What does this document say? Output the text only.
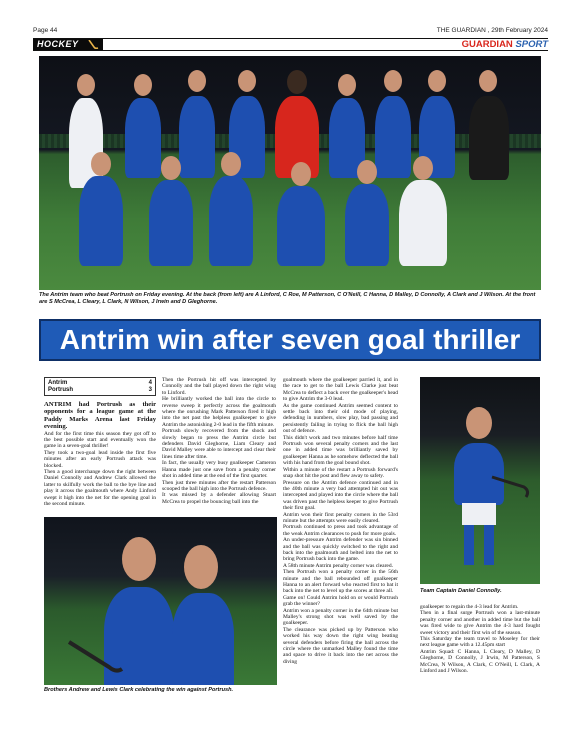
Page 44	THE GUARDIAN , 29th February 2024
HOCKEY	GUARDIAN SPORT
The Antrim team who beat Portrush on Friday evening. At the back (from left) are A Linford, C Roe, M Patterson, C O'Neill, C Hanna, D Malley, D Connolly, A Clark and J Wilson. At the front are S McCrea, L Cleary, L Clark, N Wilson, J Irwin and D Gleghorne.
Antrim win after seven goal thriller
Antrim	4
Portrush	3

ANTRIM had Portrush as their opponents for a league game at the Paddy Marks Arena last Friday evening.

And for the first time this season they got off to the best possible start and eventually won the game in a seven-goal thriller!

They took a two-goal lead inside the first five minutes after an early Portrush attack was blocked.

Then a good interchange down the right between Daniel Connolly and Andrew Clark allowed the latter to skilfully work the ball to the bye line and play it across the goalmouth where Andy Linford swept it high into the net for the opening goal in the second minute.

Then the Portrush hit off was intercepted by Connolly and the ball played down the right wing to Linford.

He brilliantly worked the ball into the circle to reverse sweep it perfectly across the goalmouth where the onrushing Mark Patterson fired it high into the net past the helpless goalkeeper to give Antrim the astonishing 2-0 lead in the fifth minute.

Portrush slowly recovered from the shock and slowly began to press the Antrim circle but defenders David Gleghorne, Liam Cleary and David Malley were able to intercept and clear their lines time after time.

In fact, the usually very busy goalkeeper Cameron Hanna made just one save from a penalty corner shot in added time at the end of the first quarter.

Then just three minutes after the restart Patterson scooped the ball high into the Portrush defence.

It was missed by a defender allowing Stuart McCrea to propel the bouncing ball into the

goalmouth where the goalkeeper parried it, and in the race to get to the ball Lewis Clarke just beat McCrea to deflect a back over the goalkeeper's head to give Antrim the 3-0 lead.

As the game continued Antrim seemed content to settle back into their old mode of playing, defending in numbers, slow play, bad passing and persistently failing in trying to flick the ball high out of defence.

This didn't work and two minutes before half time Portrush won several penalty corners and the last one in added time was brilliantly saved by goalkeeper Hanna as he somehow deflected the ball with his hand from the goal bound shot.

Within a minute of the restart a Portrush forward's snap shot hit the post and flew away to safety.

Pressure on the Antrim defence continued and in the 40th minute a very bad attempted hit out was intercepted and played into the circle where the ball was driven past the helpless keeper to give Portrush their first goal.

Antrim won their first penalty corners in the 53rd minute but the attempts were easily cleared.

Portrush continued to press and took advantage of the weak Antrim clearances to push for more goals.

An under-pressure Antrim defender was sin binned and the ball was quickly switched to the right and back into the goalmouth and belted into the net to bring Portrush back into the game.

A 58th minute Antrim penalty corner was cleared.

Then Portrush won a penalty corner in the 56th minute and the ball rebounded off goalkeeper Hanna to an alert forward who reacted first to bat it back into the net to level up the scores at three all.

Game on! Could Antrim hold on or would Portrush grab the winner?

Antrim won a penalty corner in the 64th minute but Malley's strong shot was well saved by the goalkeeper.

The clearance was picked up by Patterson who worked his way down the right wing beating several defenders before firing the ball across the circle where the unmarked Malley found the time and space to drive it back into the net across the diving

Brothers Andrew and Lewis Clark celebrating the win against Portrush.
Team Captain Daniel Connolly.

goalkeeper to regain the 4-3 lead for Antrim.

Then in a final surge Portrush won a last-minute penalty corner and another in added time but the ball was fired wide to give Antrim the 4-3 hard fought sweet victory and their first win of the season.

This Saturday the team travel to Moseley for their next league game with a 12.45pm start

Antrim Squad: C Hanna, L Cleary, D Malley, D Gleghorne, D Connolly, J Irwin, M Patterson, S McCrea, N Wilson, A Clark, C O'Neill, L Clark, A Linford and J Wilson.
